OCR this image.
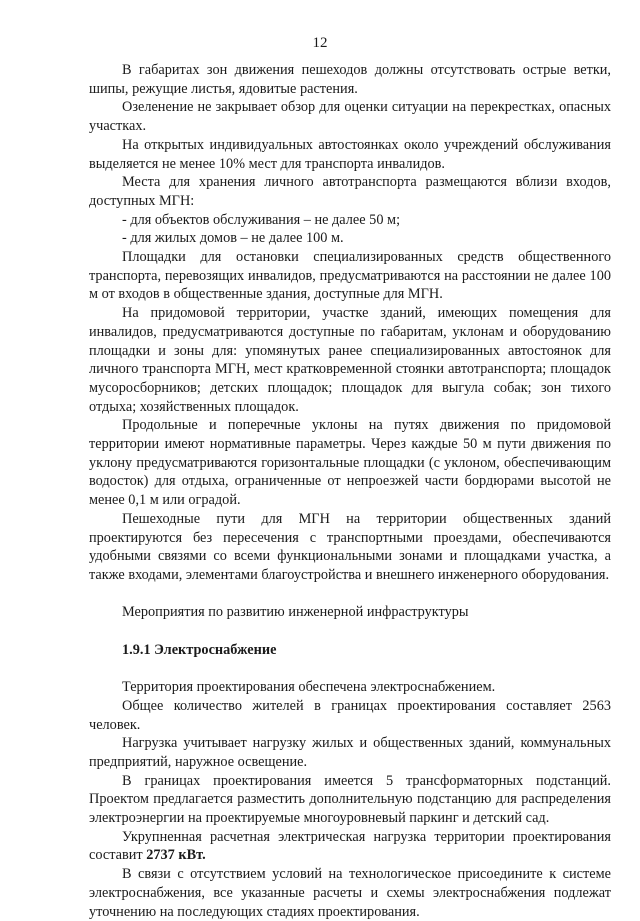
12

В габаритах зон движения пешеходов должны отсутствовать острые ветки, шипы, режущие листья, ядовитые растения.

Озеленение не закрывает обзор для оценки ситуации на перекрестках, опасных участках.

На открытых индивидуальных автостоянках около учреждений обслуживания выделяется не менее 10% мест для транспорта инвалидов.

Места для хранения личного автотранспорта размещаются вблизи входов, доступных МГН:

- для объектов обслуживания – не далее 50 м;

- для жилых домов – не далее 100 м.

Площадки для остановки специализированных средств общественного транспорта, перевозящих инвалидов, предусматриваются на расстоянии не далее 100 м от входов в общественные здания, доступные для МГН.

На придомовой территории, участке зданий, имеющих помещения для инвалидов, предусматриваются доступные по габаритам, уклонам и оборудованию площадки и зоны для: упомянутых ранее специализированных автостоянок для личного транспорта МГН, мест кратковременной стоянки автотранспорта; площадок мусоросборников; детских площадок; площадок для выгула собак; зон тихого отдыха; хозяйственных площадок.

Продольные и поперечные уклоны на путях движения по придомовой территории имеют нормативные параметры. Через каждые 50 м пути движения по уклону предусматриваются горизонтальные площадки (с уклоном, обеспечивающим водосток) для отдыха, ограниченные от непроезжей части бордюрами высотой не менее 0,1 м или оградой.

Пешеходные пути для МГН на территории общественных зданий проектируются без пересечения с транспортными проездами, обеспечиваются удобными связями со всеми функциональными зонами и площадками участка, а также входами, элементами благоустройства и внешнего инженерного оборудования.

Мероприятия по развитию инженерной инфраструктуры

1.9.1 Электроснабжение

Территория проектирования обеспечена электроснабжением.

Общее количество жителей в границах проектирования составляет 2563 человек.

Нагрузка учитывает нагрузку жилых и общественных зданий, коммунальных предприятий, наружное освещение.

В границах проектирования имеется 5 трансформаторных подстанций. Проектом предлагается разместить дополнительную подстанцию для распределения электроэнергии на проектируемые многоуровневый паркинг и детский сад.

Укрупненная расчетная электрическая нагрузка территории проектирования составит 2737 кВт.

В связи с отсутствием условий на технологическое присоедините к системе электроснабжения, все указанные расчеты и схемы электроснабжения подлежат уточнению на последующих стадиях проектирования.
